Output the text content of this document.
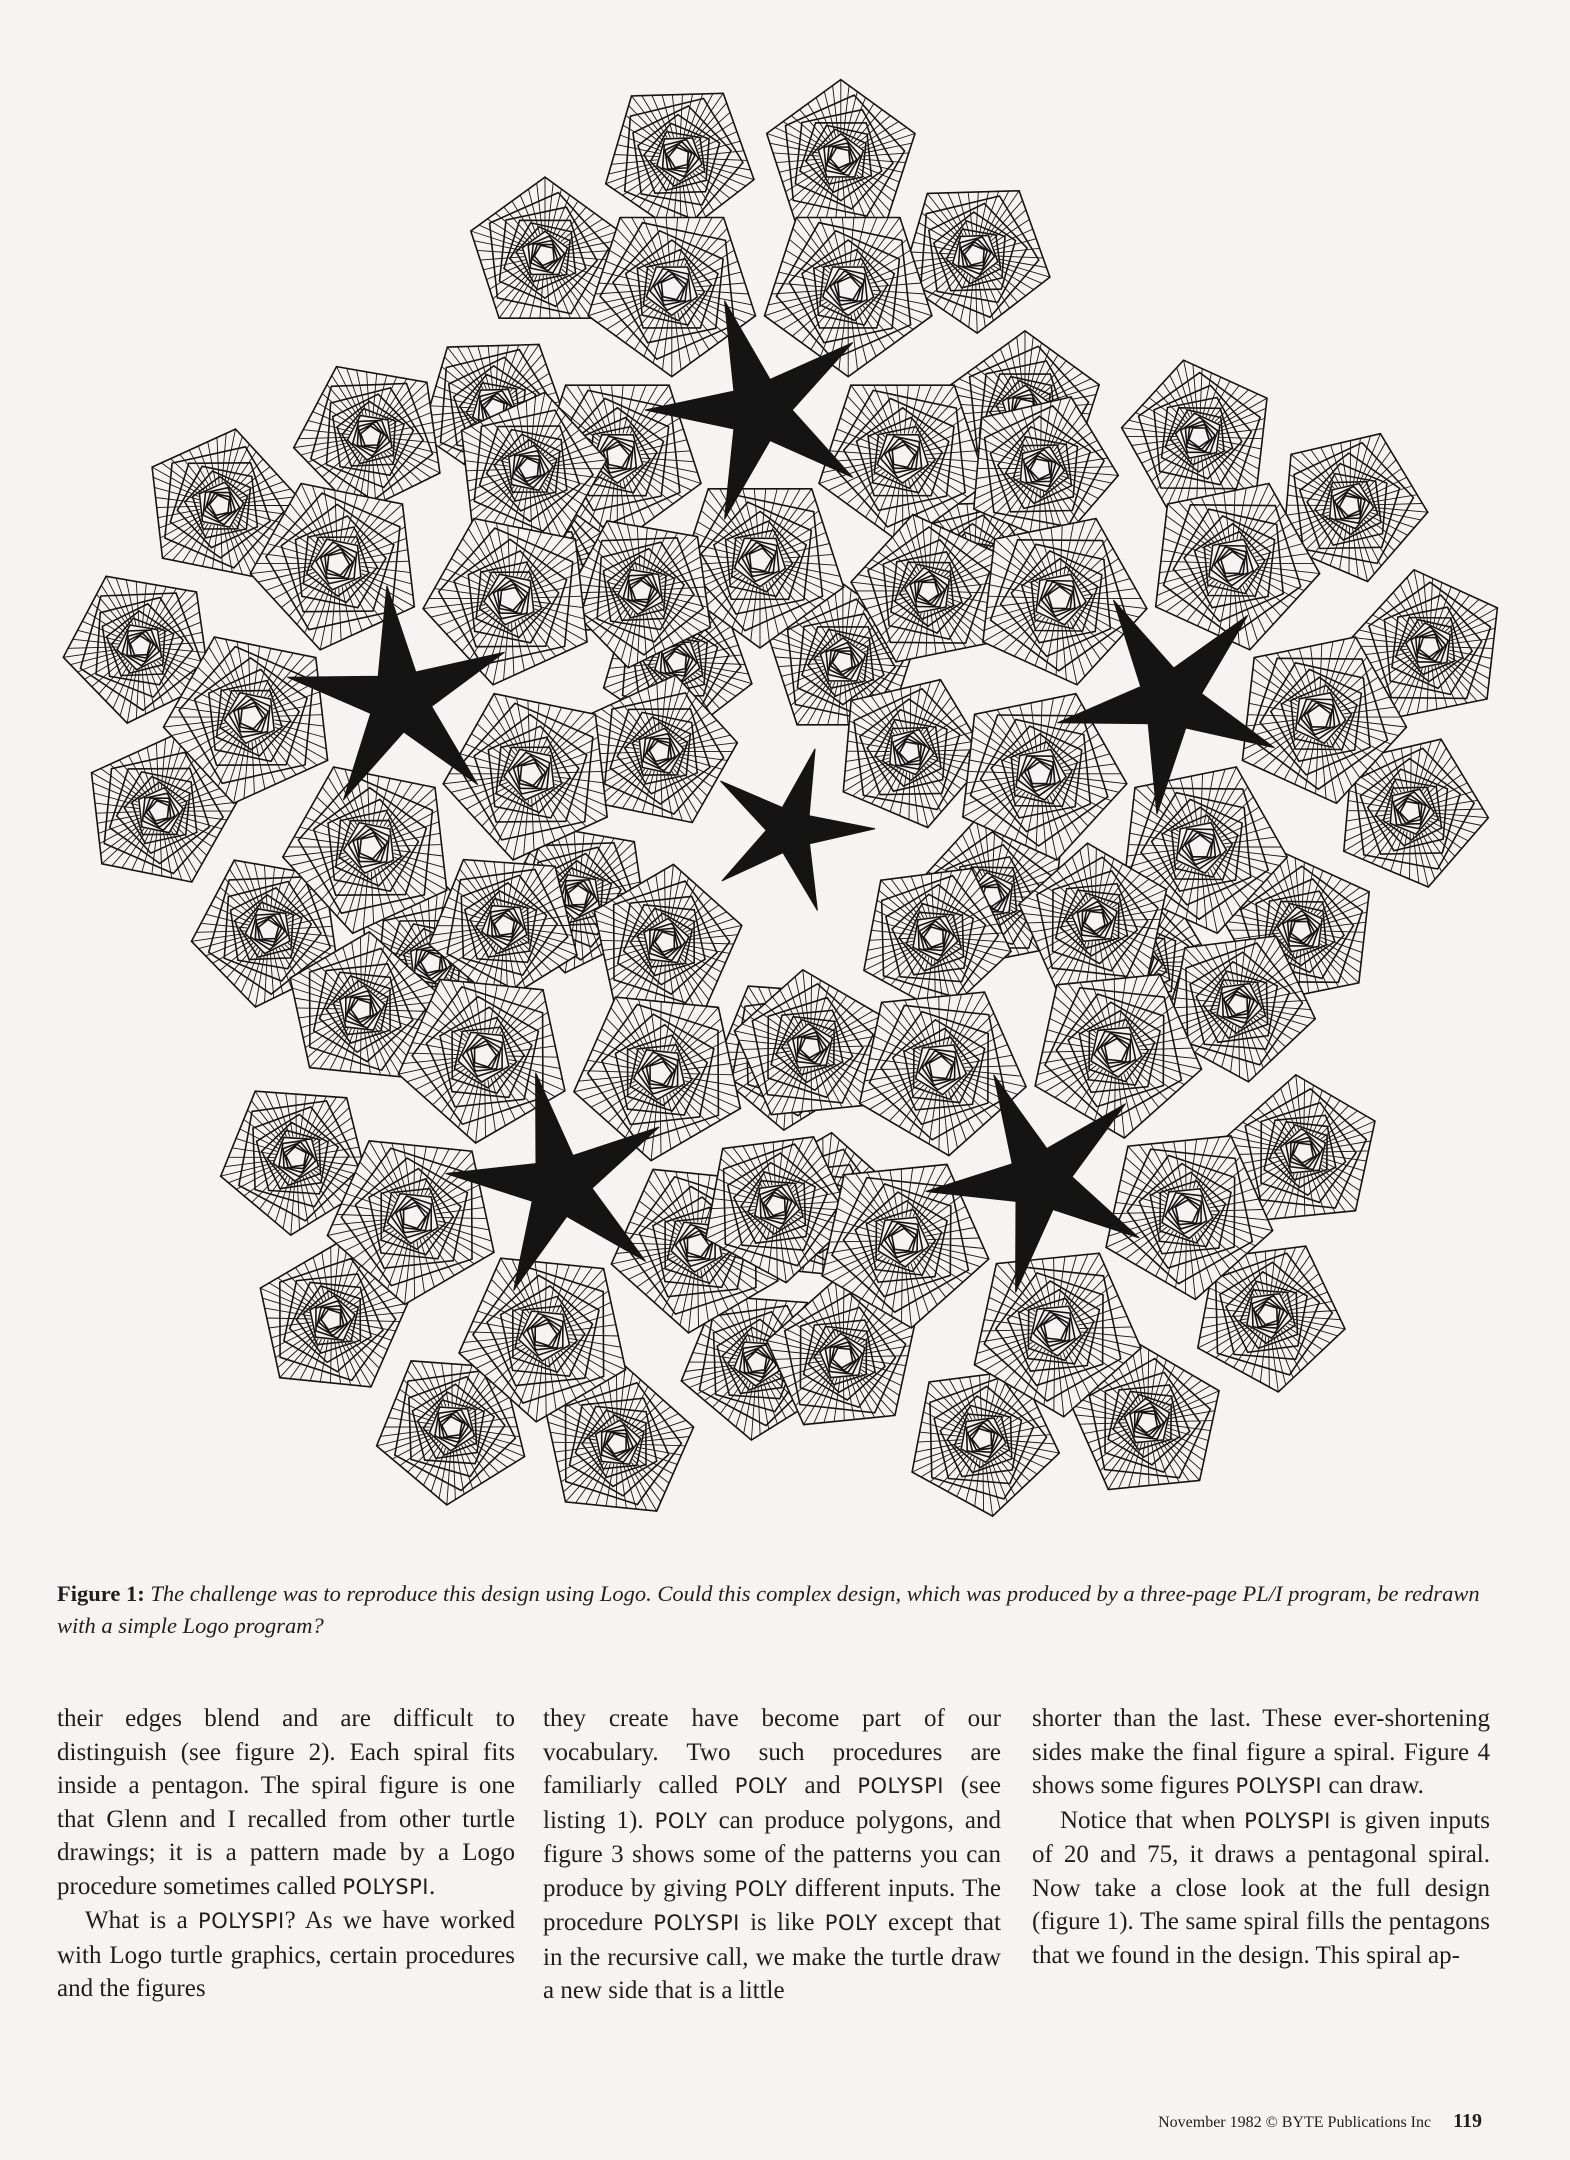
Figure 1: The challenge was to reproduce this design using Logo. Could this complex design, which was produced by a three-page PL/I program, be redrawn with a simple Logo program?

their edges blend and are difficult to distinguish (see figure 2). Each spiral fits inside a pentagon. The spiral figure is one that Glenn and I recalled from other turtle drawings; it is a pattern made by a Logo procedure sometimes called POLYSPI.

What is a POLYSPI? As we have worked with Logo turtle graphics, certain procedures and the figures

they create have become part of our vocabulary. Two such procedures are familiarly called POLY and POLYSPI (see listing 1). POLY can produce polygons, and figure 3 shows some of the patterns you can produce by giving POLY different inputs. The procedure POLYSPI is like POLY except that in the recursive call, we make the turtle draw a new side that is a little

shorter than the last. These ever-shortening sides make the final figure a spiral. Figure 4 shows some figures POLYSPI can draw.

Notice that when POLYSPI is given inputs of 20 and 75, it draws a pentagonal spiral. Now take a close look at the full design (figure 1). The same spiral fills the pentagons that we found in the design. This spiral ap-

November 1982 © BYTE Publications Inc 119
